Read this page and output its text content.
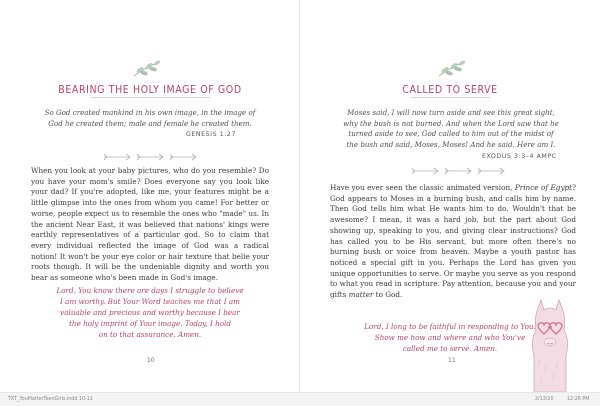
BEARING THE HOLY IMAGE OF GOD
So God created mankind in his own image, in the image of
God he created them; male and female he created them.
GENESIS 1:27
When you look at your baby pictures, who do you resemble? Do you have your mom's smile? Does everyone say you look like your dad? If you're adopted, like me, your features might be a little glimpse into the ones from whom you came! For better or worse, people expect us to resemble the ones who "made" us. In the ancient Near East, it was believed that nations' kings were earthly representatives of a particular god. So to claim that every individual reflected the image of God was a radical notion! It won't be your eye color or hair texture that belie your roots though. It will be the undeniable dignity and worth you bear as someone who's been made in God's image.
Lord, You know there are days I struggle to believe
I am worthy. But Your Word teaches me that I am
valuable and precious and worthy because I bear
the holy imprint of Your image. Today, I hold
on to that assurance. Amen.
10
CALLED TO SERVE
Moses said, I will now turn aside and see this great sight,
why the bush is not burned. And when the Lord saw that he
turned aside to see, God called to him out of the midst of
the bush and said, Moses, Moses! And he said, Here am I.
EXODUS 3:3–4 AMPC
Have you ever seen the classic animated version, Prince of Egypt? God appears to Moses in a burning bush, and calls him by name. Then God tells him what He wants him to do. Wouldn't that be awesome? I mean, it was a hard job, but the part about God showing up, speaking to you, and giving clear instructions? God has called you to be His servant, but more often there's no burning bush or voice from heaven. Maybe a youth pastor has noticed a special gift in you. Perhaps the Lord has given you unique opportunities to serve. Or maybe you serve as you respond to what you read in scripture. Pay attention, because you and your gifts matter to God.
Lord, I long to be faithful in responding to You.
Show me how and where and who You've
called me to serve. Amen.
11
TXT_YouMatterTeenGirls.indd 10-11	2/13/20	12:26 PM
